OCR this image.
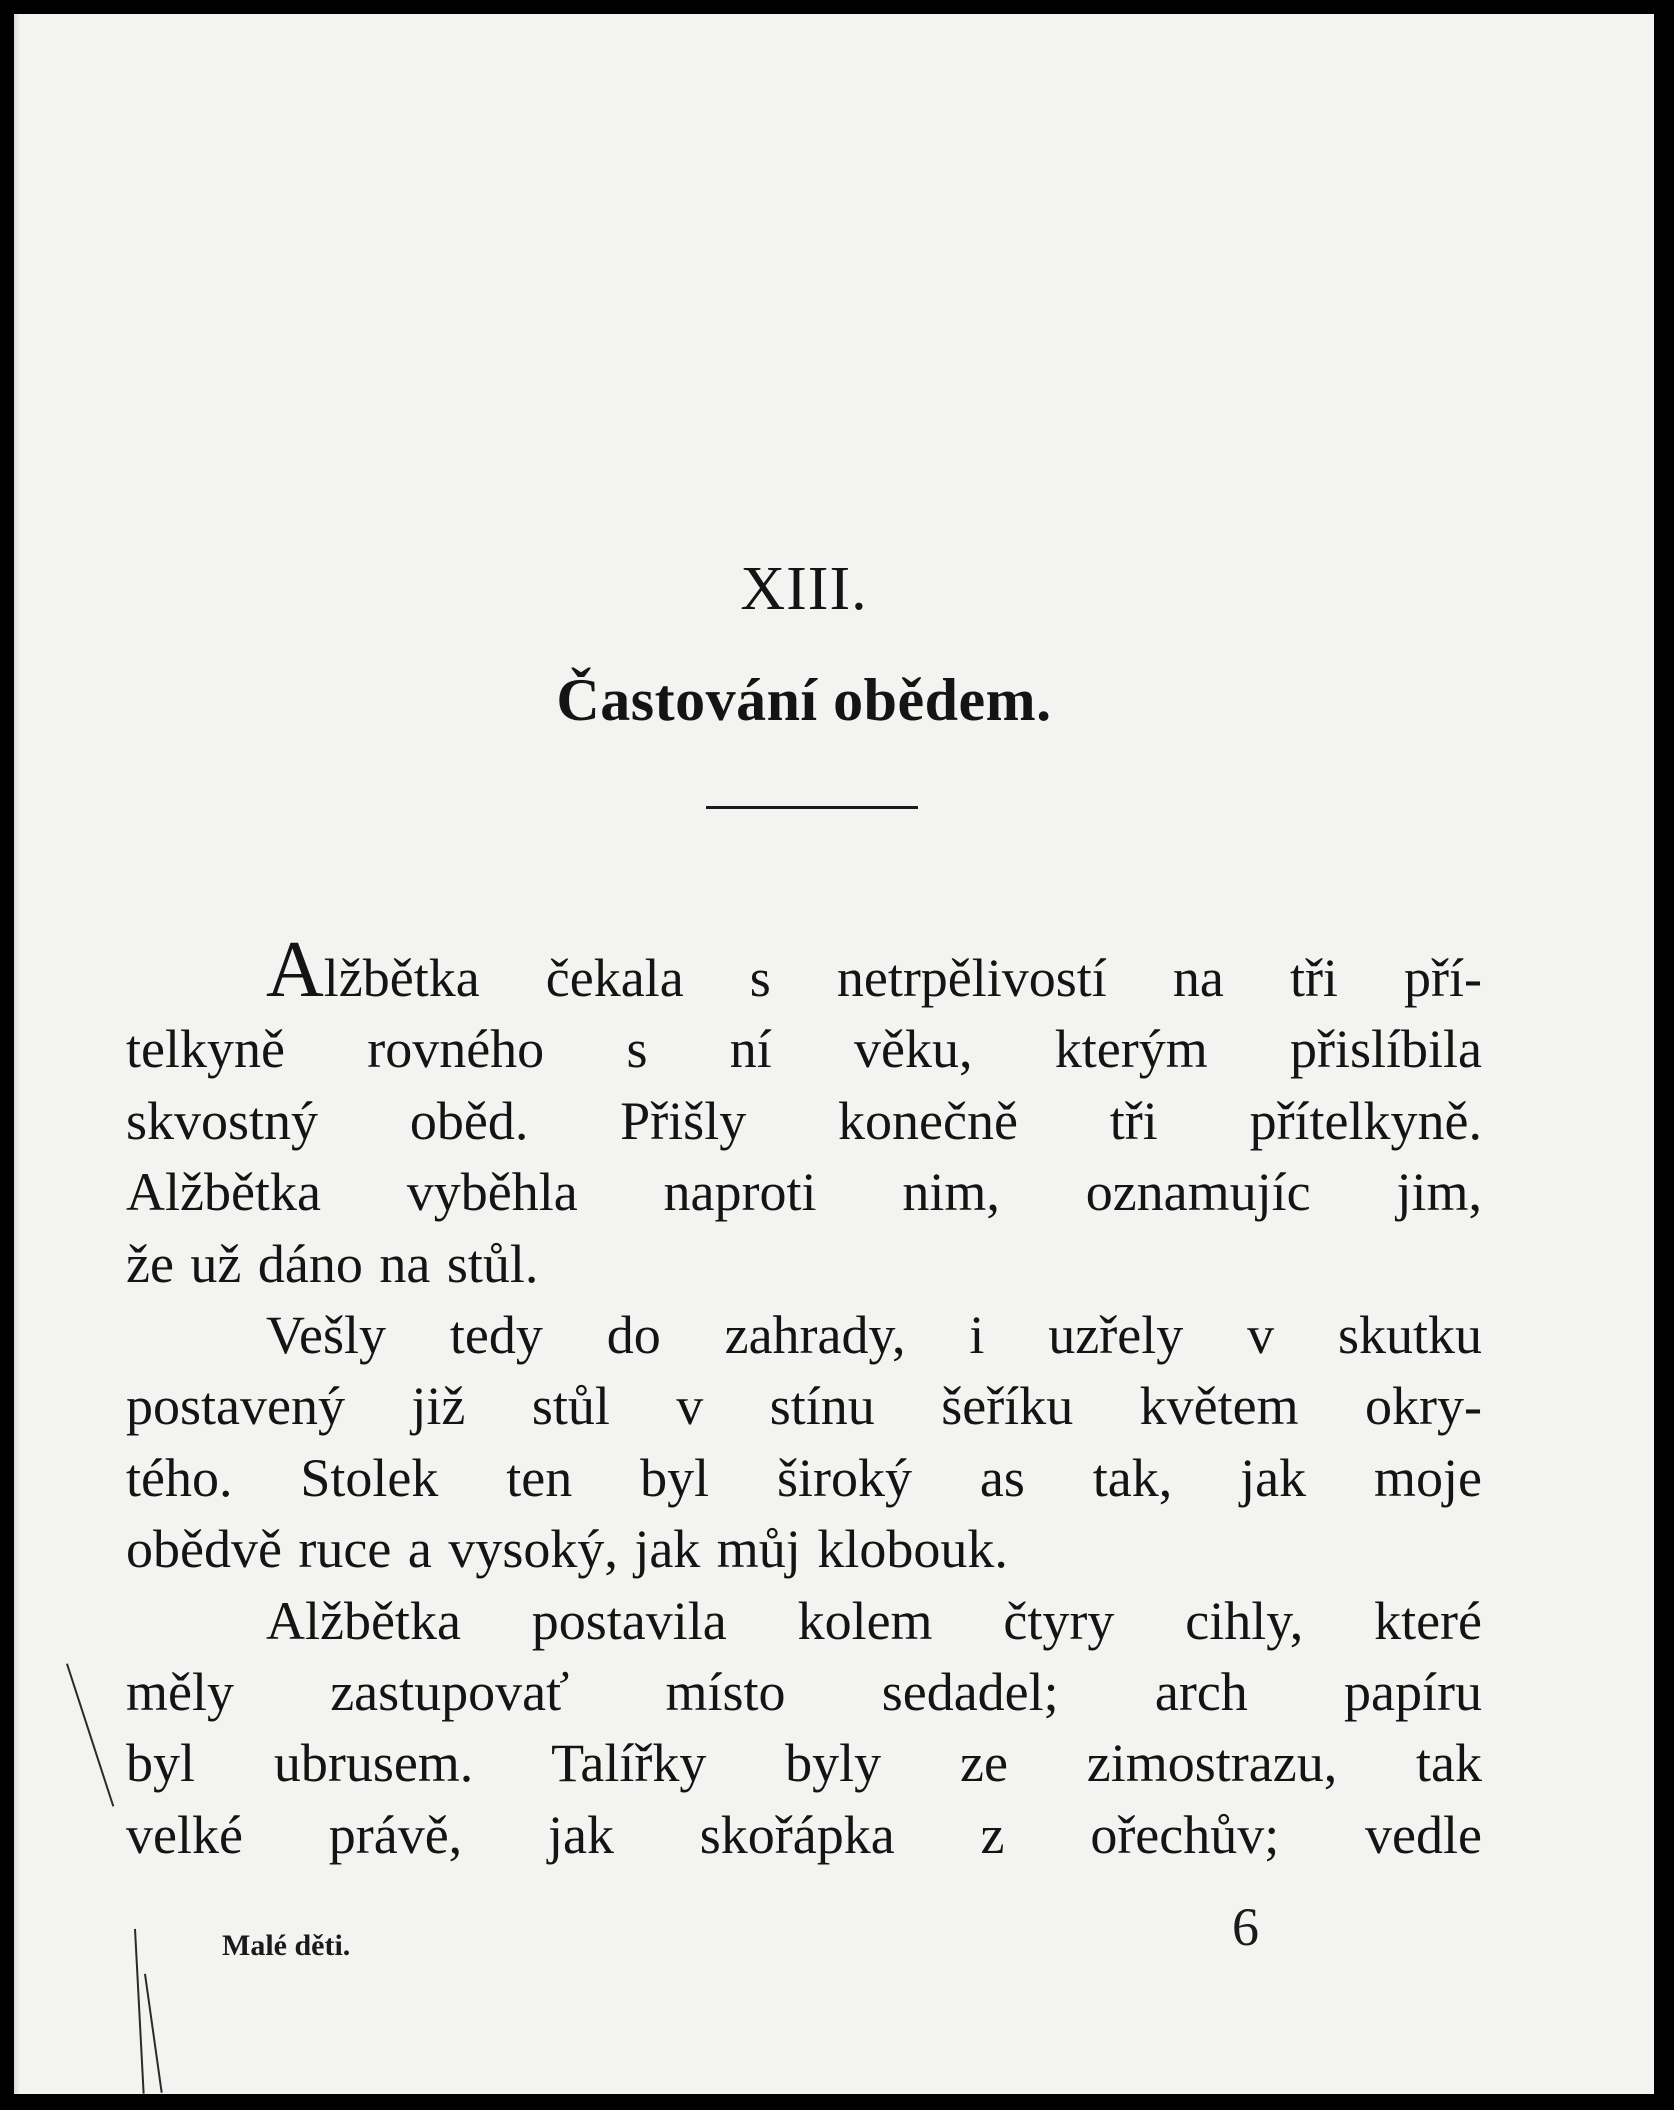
XIII.
Častování obědem.

Alžbětka čekala s netrpělivostí na tři pří-
telkyně rovného s ní věku, kterým přislíbila
skvostný oběd. Přišly konečně tři přítelkyně.
Alžbětka vyběhla naproti nim, oznamujíc jim,
že už dáno na stůl.

Vešly tedy do zahrady, i uzřely v skutku
postavený již stůl v stínu šeříku květem okry-
tého. Stolek ten byl široký as tak, jak moje
obědvě ruce a vysoký, jak můj klobouk.

Alžbětka postavila kolem čtyry cihly, které
měly zastupovať místo sedadel; arch papíru
byl ubrusem. Talířky byly ze zimostrazu, tak
velké právě, jak skořápka z ořechův; vedle

Malé děti.	6
